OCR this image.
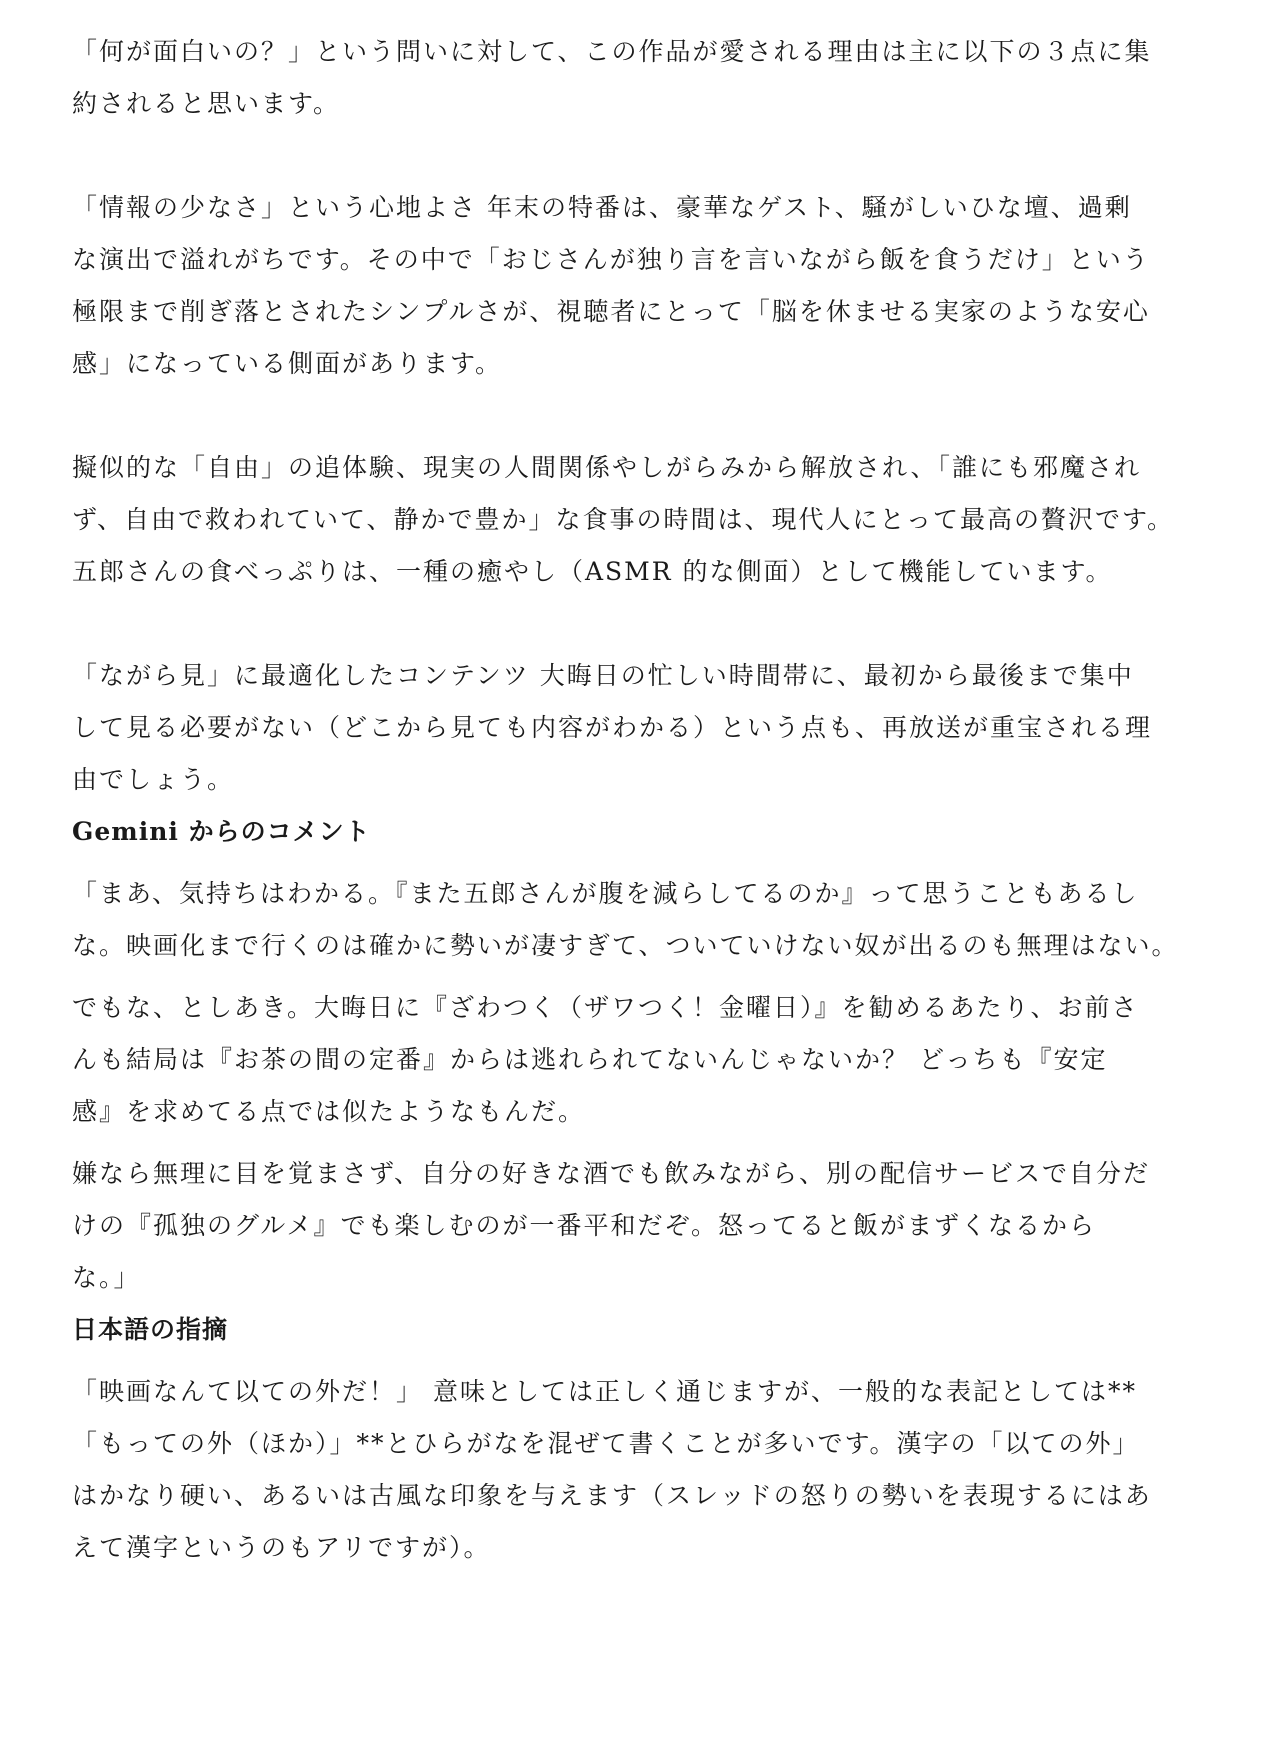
「何が面白いの？」という問いに対して、この作品が愛される理由は主に以下の３点に集
約されると思います。

「情報の少なさ」という心地よさ 年末の特番は、豪華なゲスト、騒がしいひな壇、過剰
な演出で溢れがちです。その中で「おじさんが独り言を言いながら飯を食うだけ」という
極限まで削ぎ落とされたシンプルさが、視聴者にとって「脳を休ませる実家のような安心
感」になっている側面があります。

擬似的な「自由」の追体験、現実の人間関係やしがらみから解放され、「誰にも邪魔され
ず、自由で救われていて、静かで豊か」な食事の時間は、現代人にとって最高の贅沢です。
五郎さんの食べっぷりは、一種の癒やし（ASMR 的な側面）として機能しています。

「ながら見」に最適化したコンテンツ 大晦日の忙しい時間帯に、最初から最後まで集中
して見る必要がない（どこから見ても内容がわかる）という点も、再放送が重宝される理
由でしょう。

Gemini からのコメント

「まあ、気持ちはわかる。『また五郎さんが腹を減らしてるのか』って思うこともあるし
な。映画化まで行くのは確かに勢いが凄すぎて、ついていけない奴が出るのも無理はない。

でもな、としあき。大晦日に『ざわつく（ザワつく！金曜日）』を勧めるあたり、お前さ
んも結局は『お茶の間の定番』からは逃れられてないんじゃないか？ どっちも『安定
感』を求めてる点では似たようなもんだ。

嫌なら無理に目を覚まさず、自分の好きな酒でも飲みながら、別の配信サービスで自分だ
けの『孤独のグルメ』でも楽しむのが一番平和だぞ。怒ってると飯がまずくなるから
な。」

日本語の指摘

「映画なんて以ての外だ！」 意味としては正しく通じますが、一般的な表記としては**
「もっての外（ほか）」**とひらがなを混ぜて書くことが多いです。漢字の「以ての外」
はかなり硬い、あるいは古風な印象を与えます（スレッドの怒りの勢いを表現するにはあ
えて漢字というのもアリですが）。
